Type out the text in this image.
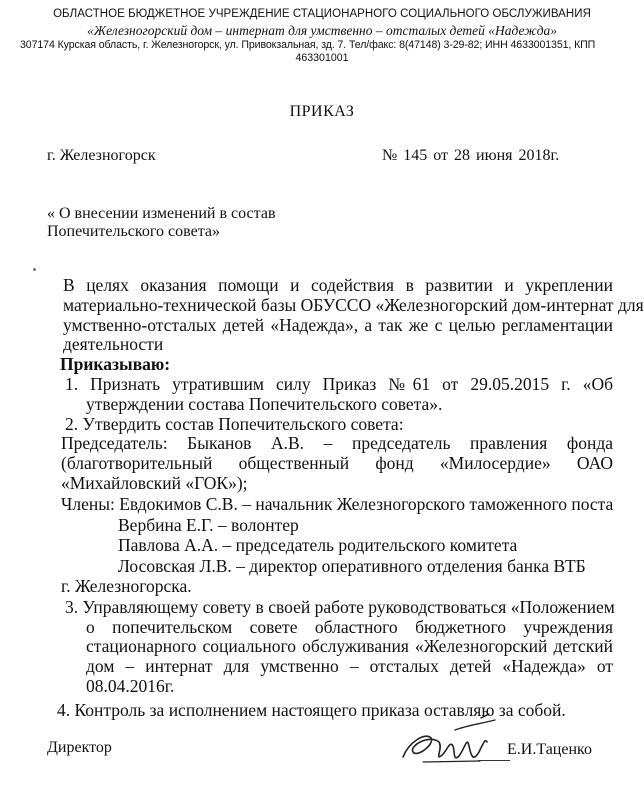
ОБЛАСТНОЕ БЮДЖЕТНОЕ УЧРЕЖДЕНИЕ СТАЦИОНАРНОГО СОЦИАЛЬНОГО ОБСЛУЖИВАНИЯ
«Железногорский дом – интернат для умственно – отсталых детей «Надежда»
307174 Курская область, г. Железногорск, ул. Привокзальная, зд. 7. Тел/факс: 8(47148) 3-29-82; ИНН 4633001351, КПП
463301001
ПРИКАЗ
г. Железногорск	№ 145 от 28 июня 2018г.
« О внесении изменений в состав
Попечительского совета»
В целях оказания помощи и содействия в развитии и укреплении
материально-технической базы ОБУССО «Железногорский дом-интернат для
умственно-отсталых детей «Надежда», а так же с целью регламентации
деятельности
Приказываю:
1. Признать утратившим силу Приказ №61 от 29.05.2015 г. «Об
утверждении состава Попечительского совета».
2. Утвердить состав Попечительского совета:
Председатель: Быканов А.В. – председатель правления фонда
(благотворительный общественный фонд «Милосердие» ОАО
«Михайловский «ГОК»);
Члены: Евдокимов С.В. – начальник Железногорского таможенного поста
Вербина Е.Г. – волонтер
Павлова А.А. – председатель родительского комитета
Лосовская Л.В. – директор оперативного отделения банка ВТБ
г. Железногорска.
3. Управляющему совету в своей работе руководствоваться «Положением
о попечительском совете областного бюджетного учреждения
стационарного социального обслуживания «Железногорский детский
дом – интернат для умственно – отсталых детей «Надежда» от
08.04.2016г.
4. Контроль за исполнением настоящего приказа оставляю за собой.
Директор	Е.И.Таценко
